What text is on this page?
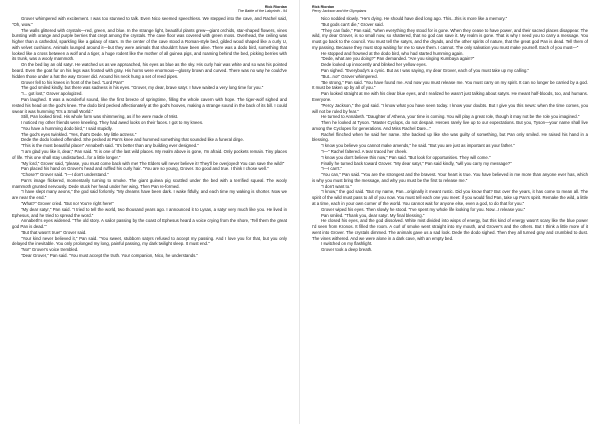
Rick Riordan
The Battle of the Labyrinth - 94

Grover whimpered with excitement. I was too stunned to talk. Even Nico seemed speechless. We stepped into the cave, and Rachel said, "Oh, wow."

The walls glittered with crystals—red, green, and blue. In the strange light, beautiful plants grew—giant orchids, star-shaped flowers, vines bursting with orange and purple berries that crept among the crystals. The cave floor was covered with green moss. Overhead, the ceiling was higher than a cathedral, sparkling like a galaxy of stars. In the center of the cave stood a Roman-style bed, gilded wood shaped like a curly U, with velvet cushions. Animals lounged around it—but they were animals that shouldn't have been alive. There was a dodo bird, something that looked like a cross between a wolf and a tiger, a huge rodent like the mother of all guinea pigs, and roaming behind the bed, picking berries with its trunk, was a wooly mammoth.

On the bed lay an old satyr. He watched us as we approached, his eyes as blue as the sky. His curly hair was white and so was his pointed beard. Even the goat fur on his legs was frosted with gray. His horns were enormous—glossy brown and curved. There was no way he could've hidden those under a hat the way Grover did. Around his neck hung a set of reed pipes.

Grover fell to his knees in front of the bed. "Lord Pan!"

The god smiled kindly, but there was sadness in his eyes. "Grover, my dear, brave satyr. I have waited a very long time for you."

"I... got lost," Grover apologized.

Pan laughed. It was a wonderful sound, like the first breeze of springtime, filling the whole cavern with hope. The tiger-wolf sighed and rested his head on the god's knee. The dodo bird pecked affectionately at the god's hooves, making a strange sound in the back of its bill. I could swear it was humming "It's a Small World."

Still, Pan looked tired. His whole form was shimmering, as if he were made of Mist.

I noticed my other friends were kneeling. They had awed looks on their faces. I got to my knees.

"You have a humming dodo bird," I said stupidly.

The god's eyes twinkled. "Yes, that's Dede. My little actress."

Dede the dodo looked offended. She pecked at Pan's knee and hummed something that sounded like a funeral dirge.

"This is the most beautiful place!" Annabeth said. "It's better than any building ever designed."

"I am glad you like it, dear," Pan said. "It is one of the last wild places. My realm above is gone, I'm afraid. Only pockets remain. Tiny places of life. This one shall stay undisturbed...for a little longer."

"My lord," Grover said, "please, you must come back with me! The Elders will never believe it! They'll be overjoyed! You can save the wild!"

Pan placed his hand on Grover's head and ruffled his curly hair. "You are so young, Grover. So good and true. I think I chose well."

"Chose?" Grover said. "I—I don't understand."

Pan's image flickered, momentarily turning to smoke. The giant guinea pig scuttled under the bed with a terrified squeal. The wooly mammoth grunted nervously. Dede stuck her head under her wing. Then Pan re-formed.

"I have slept many aeons," the god said forlornly. "My dreams have been dark. I wake fitfully, and each time my waking is shorter. Now we are near the end."

"What?" Grover cried. "But no! You're right here!"

"My dear satyr," Pan said. "I tried to tell the world, two thousand years ago. I announced it to Lysas, a satyr very much like you. He lived in Ephesus, and he tried to spread the word."

Annabeth's eyes widened. "The old story. A sailor passing by the coast of Ephesus heard a voice crying from the shore, 'Tell them the great god Pan is dead.'"

"But that wasn't true!" Grover said.

"Your kind never believed it," Pan said. "You sweet, stubborn satyrs refused to accept my passing. And I love you for that, but you only delayed the inevitable. You only prolonged my long, painful passing, my dark twilight sleep. It must end."

"No!" Grover's voice trembled.

"Dear Grover," Pan said. "You must accept the truth. Your companion, Nico, he understands."

Rick Riordan
Percy Jackson and the Olympians

Nico nodded slowly. "He's dying. He should have died long ago. This...this is more like a memory."

"But gods can't die," Grover said.

"They can fade," Pan said, "when everything they stood for is gone. When they cease to have power, and their sacred places disappear. The wild, my dear Grover, is so small now, so shattered, that no god can save it. My realm is gone. That is why I need you to carry a message. You must go back to the council. You must tell the satyrs, and the dryads, and the other spirits of nature, that the great god Pan is dead. Tell them of my passing. Because they must stop waiting for me to save them. I cannot. The only salvation you must make yourself. Each of you must—"

He stopped and frowned at the dodo bird, who had started humming again.

"Dede, what are you doing?" Pan demanded. "Are you singing Kumbaya again?"

Dede looked up innocently and blinked her yellow eyes.

Pan sighed. "Everybody's a cynic. But as I was saying, my dear Grover, each of you must take up my calling."

"But...no!" Grover whimpered.

"Be strong," Pan said. "You have found me. And now you must release me. You must carry on my spirit. It can no longer be carried by a god. It must be taken up by all of you."

Pan looked straight at me with his clear blue eyes, and I realized he wasn't just talking about satyrs. He meant half-bloods, too, and humans. Everyone.

"Percy Jackson," the god said. "I know what you have seen today. I know your doubts. But I give you this news: when the time comes, you will not be ruled by fear."

He turned to Annabeth. "Daughter of Athena, your time is coming. You will play a great role, though it may not be the role you imagined."

Then he looked at Tyson. "Master Cyclops, do not despair. Heroes rarely live up to our expectations. But you, Tyson—your name shall live among the Cyclopes for generations. And Miss Rachel Dare..."

Rachel flinched when he said her name. She backed up like she was guilty of something, but Pan only smiled. He raised his hand in a blessing.

"I know you believe you cannot make amends," he said. "But you are just as important as your father."

"I—" Rachel faltered. A tear traced her cheek.

"I know you don't believe this now," Pan said. "But look for opportunities. They will come."

Finally he turned back toward Grover. "My dear satyr," Pan said kindly, "will you carry my message?"

"I—I can't."

"You can," Pan said. "You are the strongest and the bravest. Your heart is true. You have believed in me more than anyone ever has, which is why you must bring the message, and why you must be the first to release me."

"I don't want to."

"I know," the god said. "But my name, Pan...originally it meant rustic. Did you know that? But over the years, it has come to mean all. The spirit of the wild must pass to all of you now. You must tell each one you meet: if you would find Pan, take up Pan's spirit. Remake the wild, a little at a time, each in your own corner of the world. You cannot wait for anyone else, even a god, to do that for you."

Grover wiped his eyes. Then slowly he stood. "I've spent my whole life looking for you. Now...I release you."

Pan smiled. "Thank you, dear satyr. My final blessing."

He closed his eyes, and the god dissolved. White mist divided into wisps of energy, but this kind of energy wasn't scary like the blue power I'd seen from Kronos. It filled the room. A curl of smoke went straight into my mouth, and Grover's and the others. But I think a little more of it went into Grover. The crystals dimmed. The animals gave us a sad look. Dede the dodo sighed. Then they all turned gray and crumbled to dust. The vines withered. And we were alone in a dark cave, with an empty bed.

I switched on my flashlight.

Grover took a deep breath.
